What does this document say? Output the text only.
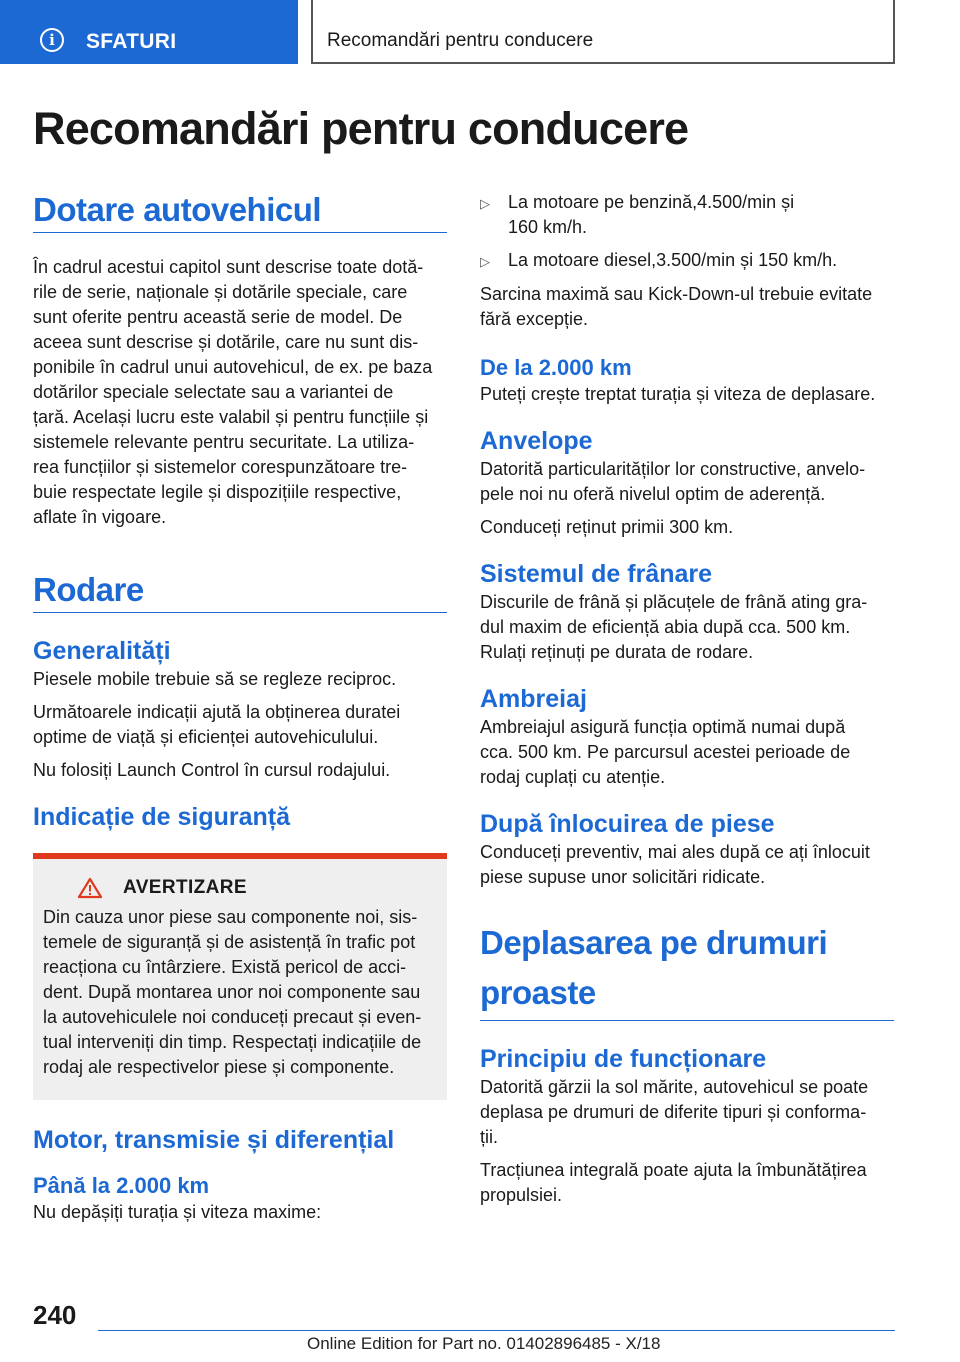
i	SFATURI	Recomandări pentru conducere
Recomandări pentru conducere
Dotare autovehicul
În cadrul acestui capitol sunt descrise toate dotă-
rile de serie, naționale și dotările speciale, care
sunt oferite pentru această serie de model. De
aceea sunt descrise și dotările, care nu sunt dis-
ponibile în cadrul unui autovehicul, de ex. pe baza
dotărilor speciale selectate sau a variantei de
țară. Același lucru este valabil și pentru funcțiile și
sistemele relevante pentru securitate. La utiliza-
rea funcțiilor și sistemelor corespunzătoare tre-
buie respectate legile și dispozițiile respective,
aflate în vigoare.
Rodare
Generalități
Piesele mobile trebuie să se regleze reciproc.
Următoarele indicații ajută la obținerea duratei
optime de viață și eficienței autovehiculului.
Nu folosiți Launch Control în cursul rodajului.
Indicație de siguranță
AVERTIZARE
Din cauza unor piese sau componente noi, sis-
temele de siguranță și de asistență în trafic pot
reacționa cu întârziere. Există pericol de acci-
dent. După montarea unor noi componente sau
la autovehiculele noi conduceți precaut și even-
tual interveniți din timp. Respectați indicațiile de
rodaj ale respectivelor piese și componente.
Motor, transmisie și diferențial
Până la 2.000 km
Nu depășiți turația și viteza maxime:
▷	La motoare pe benzină,4.500/min și
160 km/h.
▷	La motoare diesel,3.500/min și 150 km/h.
Sarcina maximă sau Kick-Down-ul trebuie evitate
fără excepție.
De la 2.000 km
Puteți crește treptat turația și viteza de deplasare.
Anvelope
Datorită particularităților lor constructive, anvelo-
pele noi nu oferă nivelul optim de aderență.
Conduceți reținut primii 300 km.
Sistemul de frânare
Discurile de frână și plăcuțele de frână ating gra-
dul maxim de eficiență abia după cca. 500 km.
Rulați reținuți pe durata de rodare.
Ambreiaj
Ambreiajul asigură funcția optimă numai după
cca. 500 km. Pe parcursul acestei perioade de
rodaj cuplați cu atenție.
După înlocuirea de piese
Conduceți preventiv, mai ales după ce ați înlocuit
piese supuse unor solicitări ridicate.
Deplasarea pe drumuri
proaste
Principiu de funcționare
Datorită gărzii la sol mărite, autovehicul se poate
deplasa pe drumuri de diferite tipuri și conforma-
ții.
Tracțiunea integrală poate ajuta la îmbunătățirea
propulsiei.
240
Online Edition for Part no. 01402896485 - X/18
